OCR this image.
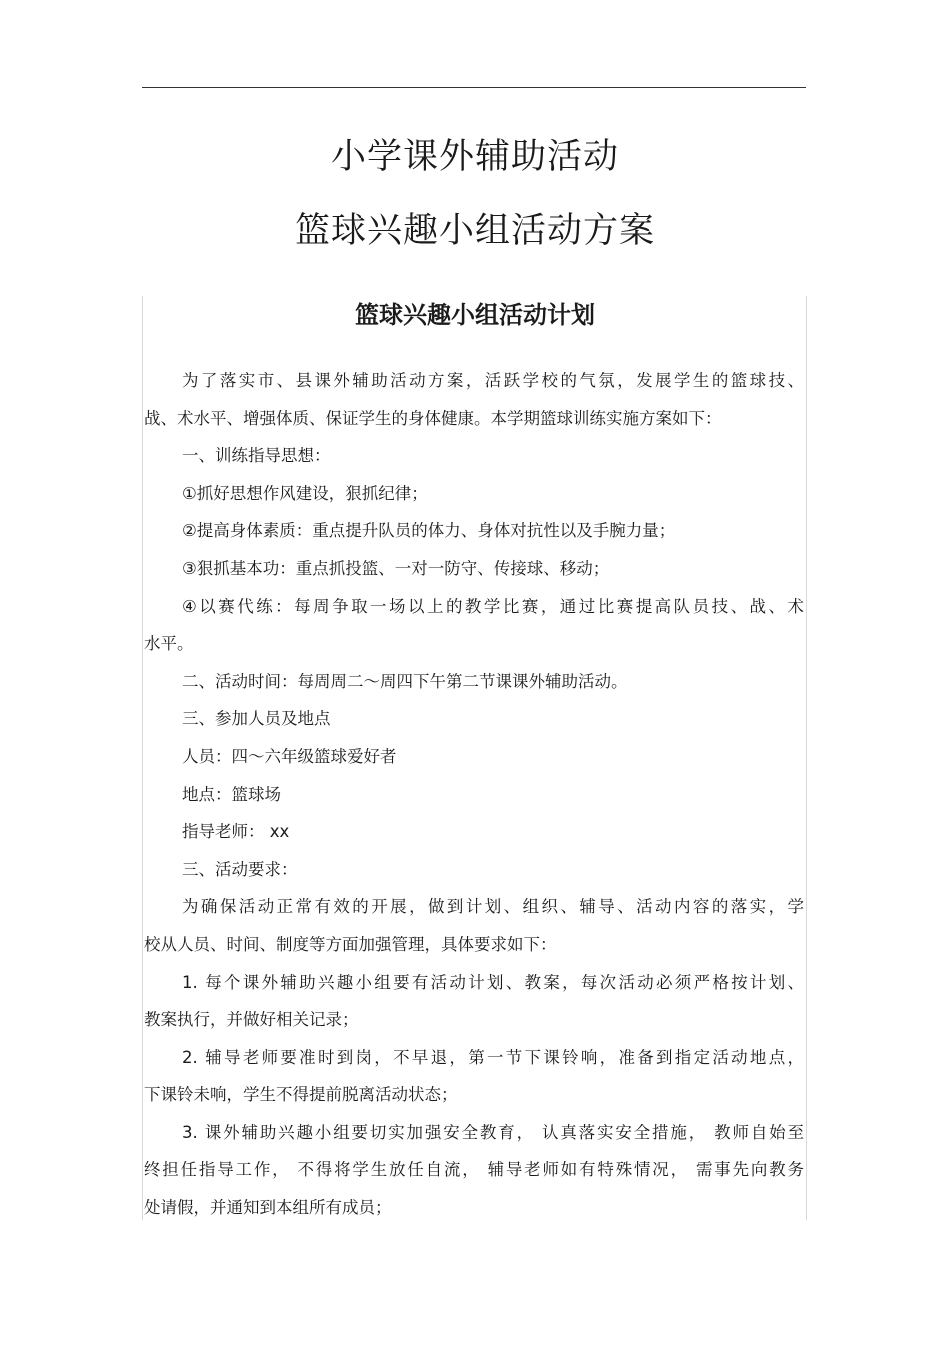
小学课外辅助活动
篮球兴趣小组活动方案
篮球兴趣小组活动计划

为了落实市、县课外辅助活动方案，活跃学校的气氛，发展学生的篮球技、

战、术水平、增强体质、保证学生的身体健康。本学期篮球训练实施方案如下：

一、训练指导思想：

①抓好思想作风建设，狠抓纪律；

②提高身体素质：重点提升队员的体力、身体对抗性以及手腕力量；

③狠抓基本功：重点抓投篮、一对一防守、传接球、移动；

④以赛代练：每周争取一场以上的教学比赛，通过比赛提高队员技、战、术

水平。

二、活动时间：每周周二～周四下午第二节课课外辅助活动。

三、参加人员及地点

人员：四～六年级篮球爱好者

地点：篮球场

指导老师： xx

三、活动要求：

为确保活动正常有效的开展，做到计划、组织、辅导、活动内容的落实，学

校从人员、时间、制度等方面加强管理，具体要求如下：

1. 每个课外辅助兴趣小组要有活动计划、教案，每次活动必须严格按计划、

教案执行，并做好相关记录；

2. 辅导老师要准时到岗，不早退，第一节下课铃响，准备到指定活动地点，

下课铃未响，学生不得提前脱离活动状态；

3. 课外辅助兴趣小组要切实加强安全教育， 认真落实安全措施， 教师自始至

终担任指导工作， 不得将学生放任自流， 辅导老师如有特殊情况， 需事先向教务

处请假，并通知到本组所有成员；
